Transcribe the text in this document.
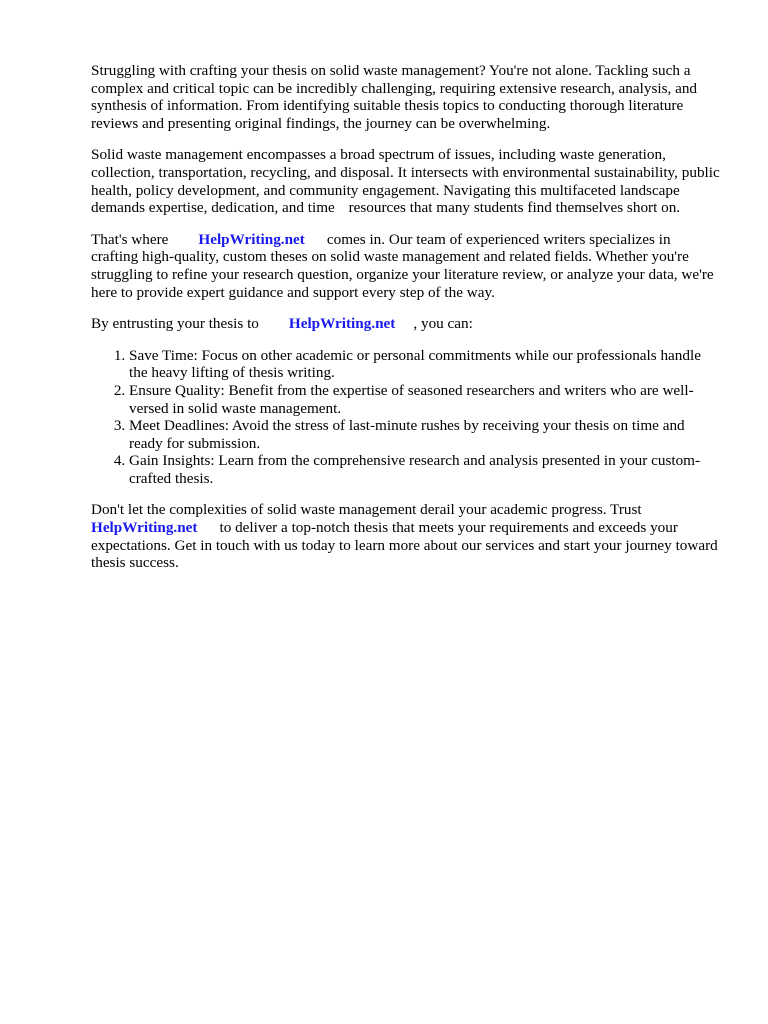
Struggling with crafting your thesis on solid waste management? You're not alone. Tackling such a complex and critical topic can be incredibly challenging, requiring extensive research, analysis, and synthesis of information. From identifying suitable thesis topics to conducting thorough literature reviews and presenting original findings, the journey can be overwhelming.

Solid waste management encompasses a broad spectrum of issues, including waste generation, collection, transportation, recycling, and disposal. It intersects with environmental sustainability, public health, policy development, and community engagement. Navigating this multifaceted landscape demands expertise, dedication, and time resources that many students find themselves short on.

That's where HelpWriting.net comes in. Our team of experienced writers specializes in crafting high-quality, custom theses on solid waste management and related fields. Whether you're struggling to refine your research question, organize your literature review, or analyze your data, we're here to provide expert guidance and support every step of the way.

By entrusting your thesis to HelpWriting.net , you can:

1. Save Time: Focus on other academic or personal commitments while our professionals handle the heavy lifting of thesis writing.
2. Ensure Quality: Benefit from the expertise of seasoned researchers and writers who are well-versed in solid waste management.
3. Meet Deadlines: Avoid the stress of last-minute rushes by receiving your thesis on time and ready for submission.
4. Gain Insights: Learn from the comprehensive research and analysis presented in your custom-crafted thesis.

Don't let the complexities of solid waste management derail your academic progress. Trust HelpWriting.net to deliver a top-notch thesis that meets your requirements and exceeds your expectations. Get in touch with us today to learn more about our services and start your journey toward thesis success.
